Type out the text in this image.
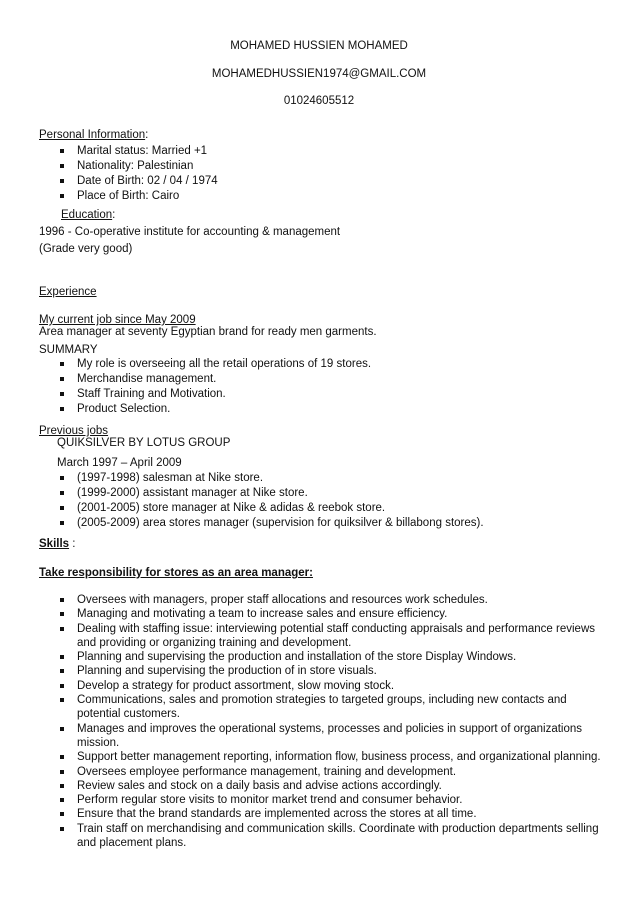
MOHAMED HUSSIEN MOHAMED
MOHAMEDHUSSIEN1974@GMAIL.COM
01024605512
Personal Information:
Marital status: Married +1
Nationality: Palestinian
Date of Birth: 02 / 04 / 1974
Place of Birth: Cairo
Education:
1996 - Co-operative institute for accounting & management
(Grade very good)
Experience
My current job since May 2009
Area manager at seventy Egyptian brand for ready men garments.
SUMMARY
My role is overseeing all the retail operations of 19 stores.
Merchandise management.
Staff Training and Motivation.
Product Selection.
Previous jobs
QUIKSILVER BY LOTUS GROUP
March 1997 – April 2009
(1997-1998) salesman at Nike store.
(1999-2000) assistant manager at Nike store.
(2001-2005) store manager at Nike & adidas & reebok store.
(2005-2009) area stores manager (supervision for quiksilver & billabong stores).
Skills :
Take responsibility for stores as an area manager:
Oversees with managers, proper staff allocations and resources work schedules.
Managing and motivating a team to increase sales and ensure efficiency.
Dealing with staffing issue: interviewing potential staff conducting appraisals and performance reviews and providing or organizing training and development.
Planning and supervising the production and installation of the store Display Windows.
Planning and supervising the production of in store visuals.
Develop a strategy for product assortment, slow moving stock.
Communications, sales and promotion strategies to targeted groups, including new contacts and potential customers.
Manages and improves the operational systems, processes and policies in support of organizations mission.
Support better management reporting, information flow, business process, and organizational planning.
Oversees employee performance management, training and development.
Review sales and stock on a daily basis and advise actions accordingly.
Perform regular store visits to monitor market trend and consumer behavior.
Ensure that the brand standards are implemented across the stores at all time.
Train staff on merchandising and communication skills. Coordinate with production departments selling and placement plans.
